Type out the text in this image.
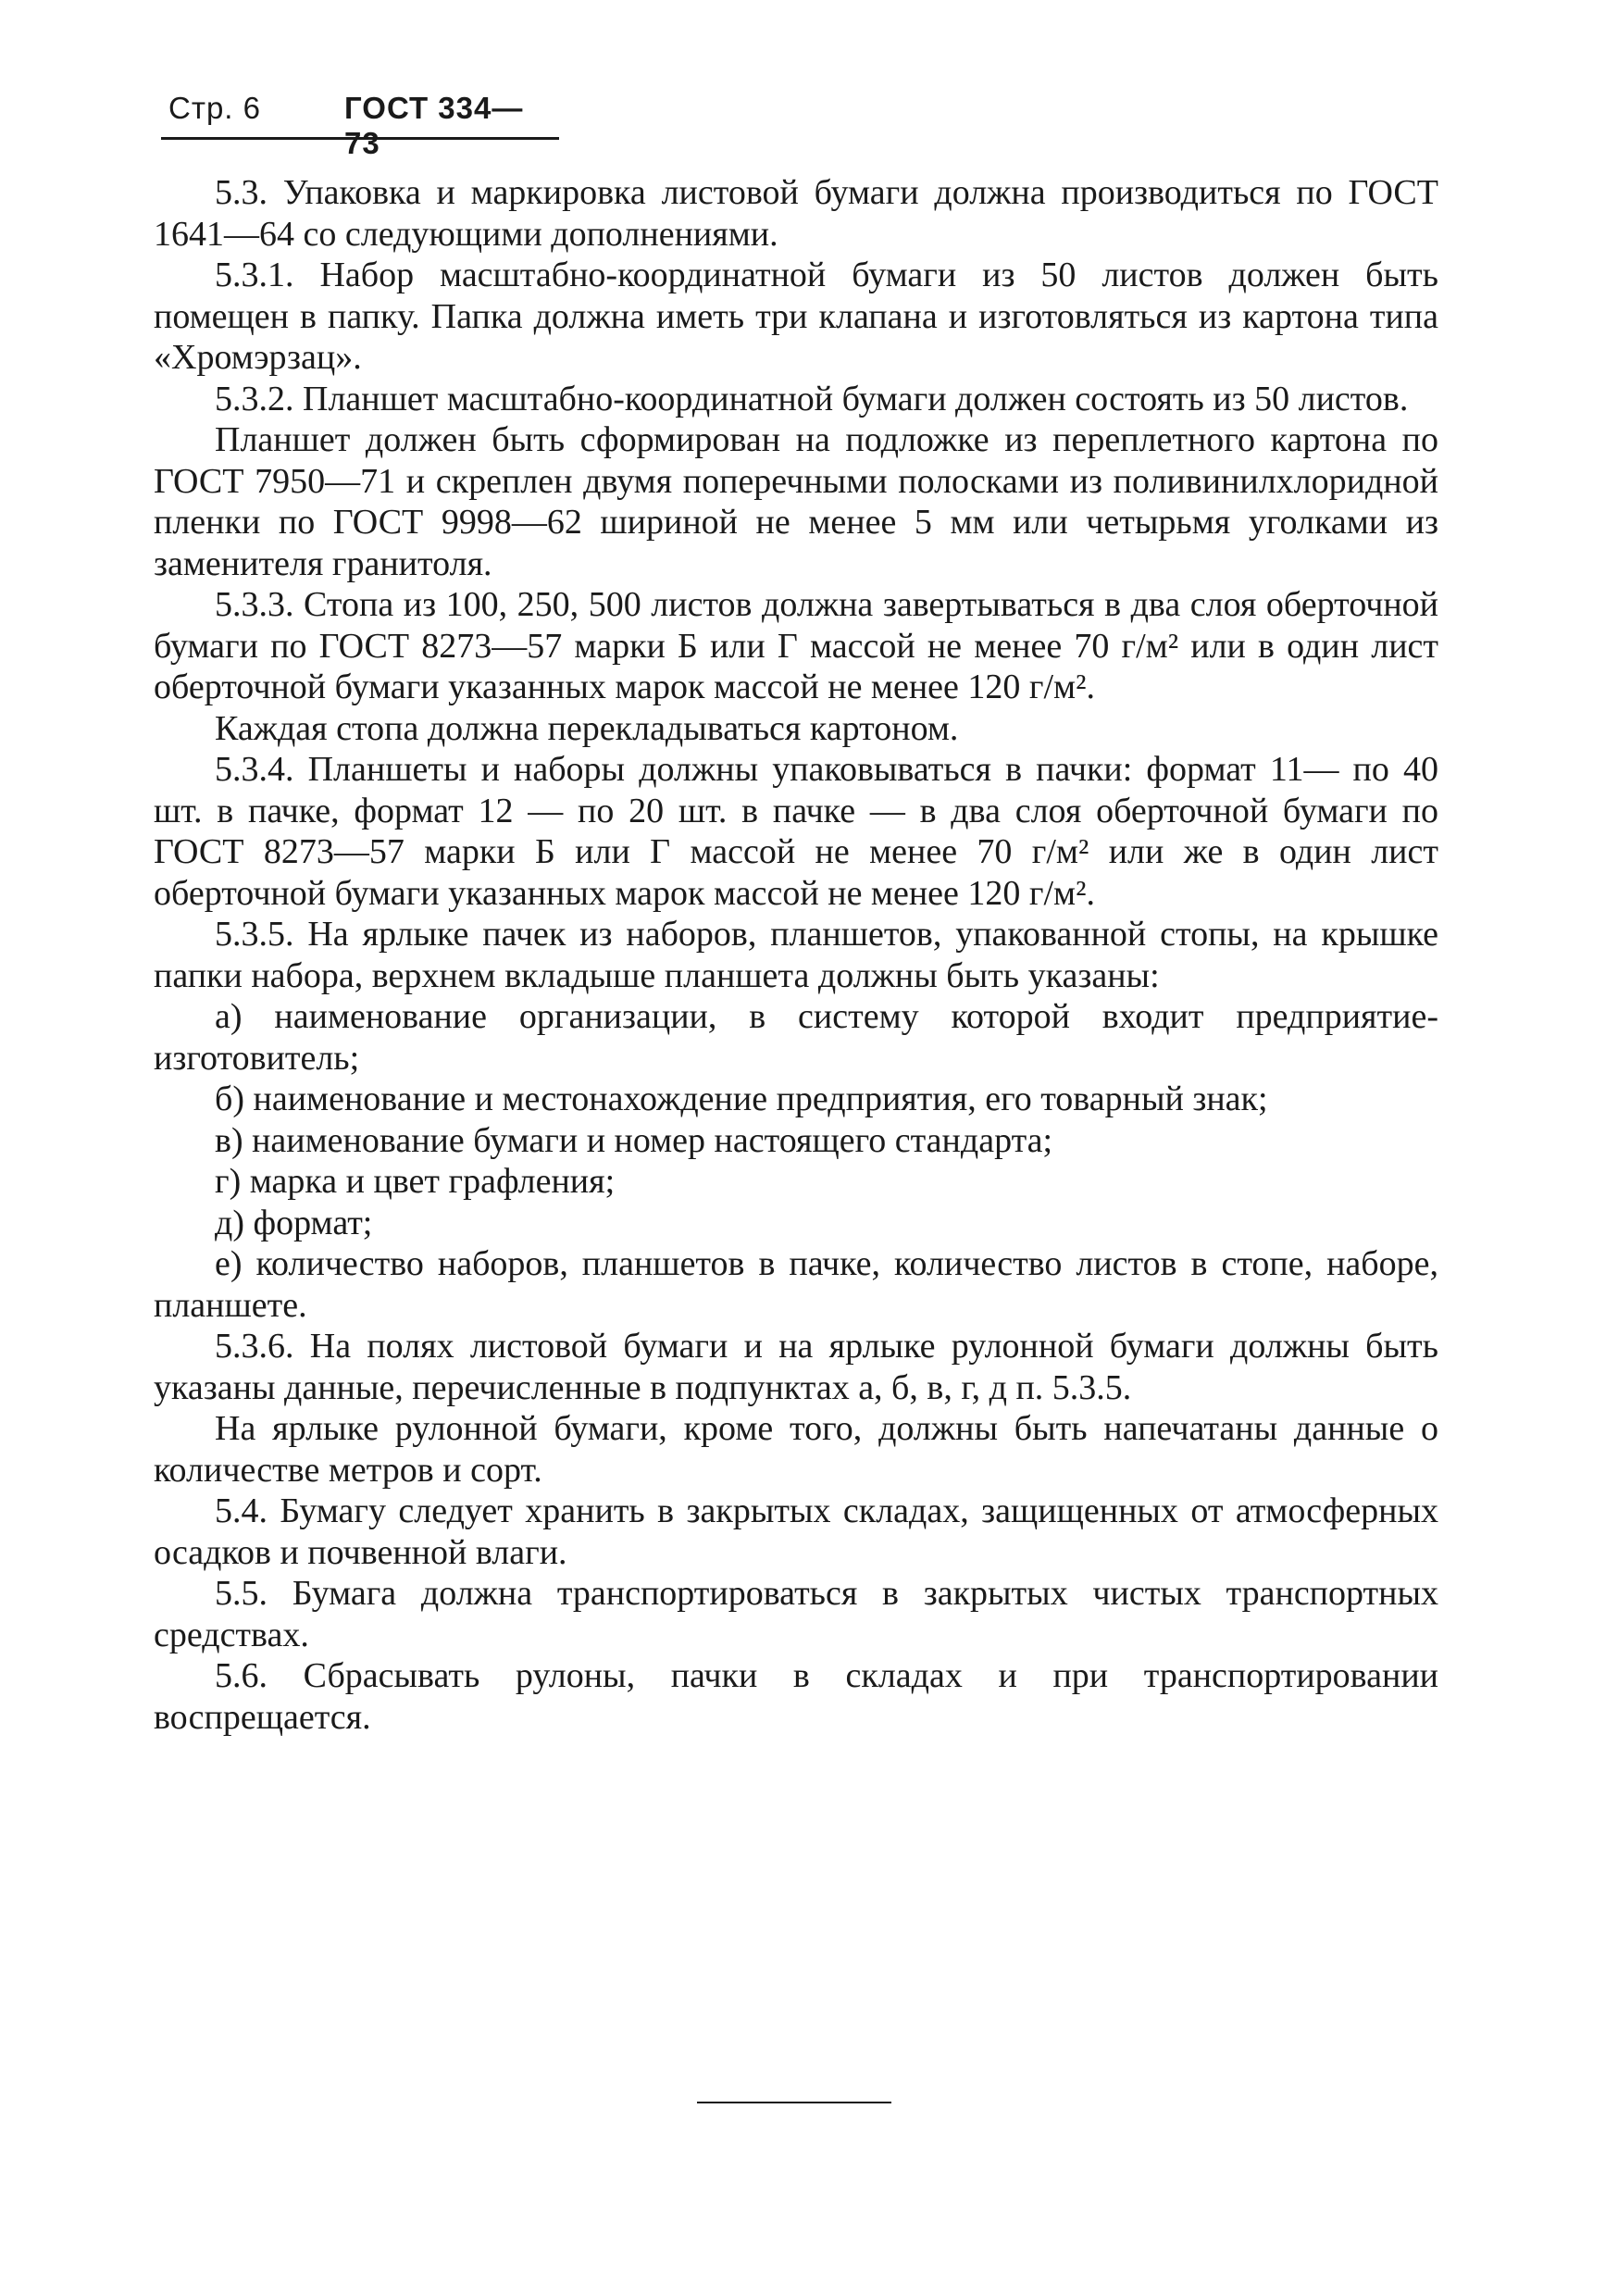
Стр. 6	ГОСТ 334—73

5.3. Упаковка и маркировка листовой бумаги должна производиться по ГОСТ 1641—64 со следующими дополнениями.

5.3.1. Набор масштабно-координатной бумаги из 50 листов должен быть помещен в папку. Папка должна иметь три клапана и изготовляться из картона типа «Хромэрзац».

5.3.2. Планшет масштабно-координатной бумаги должен состоять из 50 листов.

Планшет должен быть сформирован на подложке из переплетного картона по ГОСТ 7950—71 и скреплен двумя поперечными полосками из поливинилхлоридной пленки по ГОСТ 9998—62 шириной не менее 5 мм или четырьмя уголками из заменителя гранитоля.

5.3.3. Стопа из 100, 250, 500 листов должна завертываться в два слоя оберточной бумаги по ГОСТ 8273—57 марки Б или Г массой не менее 70 г/м² или в один лист оберточной бумаги указанных марок массой не менее 120 г/м².

Каждая стопа должна перекладываться картоном.

5.3.4. Планшеты и наборы должны упаковываться в пачки: формат 11— по 40 шт. в пачке, формат 12 — по 20 шт. в пачке — в два слоя оберточной бумаги по ГОСТ 8273—57 марки Б или Г массой не менее 70 г/м² или же в один лист оберточной бумаги указанных марок массой не менее 120 г/м².

5.3.5. На ярлыке пачек из наборов, планшетов, упакованной стопы, на крышке папки набора, верхнем вкладыше планшета должны быть указаны:

а) наименование организации, в систему которой входит предприятие-изготовитель;

б) наименование и местонахождение предприятия, его товарный знак;

в) наименование бумаги и номер настоящего стандарта;

г) марка и цвет графления;

д) формат;

е) количество наборов, планшетов в пачке, количество листов в стопе, наборе, планшете.

5.3.6. На полях листовой бумаги и на ярлыке рулонной бумаги должны быть указаны данные, перечисленные в подпунктах а, б, в, г, д п. 5.3.5.

На ярлыке рулонной бумаги, кроме того, должны быть напечатаны данные о количестве метров и сорт.

5.4. Бумагу следует хранить в закрытых складах, защищенных от атмосферных осадков и почвенной влаги.

5.5. Бумага должна транспортироваться в закрытых чистых транспортных средствах.

5.6. Сбрасывать рулоны, пачки в складах и при транспортировании воспрещается.
